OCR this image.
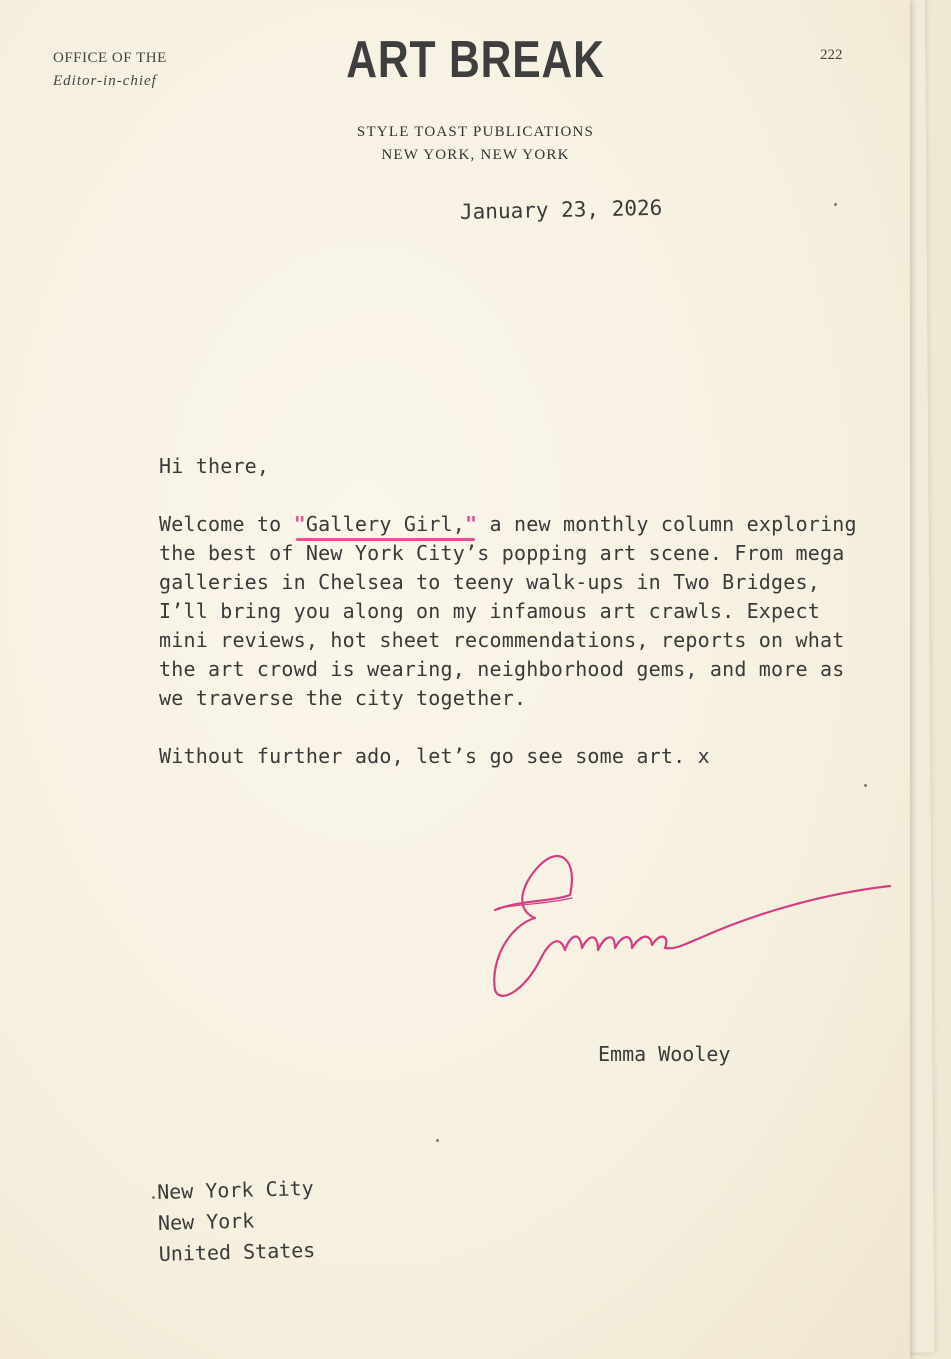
OFFICE OF THE
Editor-in-chief	ART BREAK
STYLE TOAST PUBLICATIONS
NEW YORK, NEW YORK
222
January 23, 2026

Hi there,

Welcome to "Gallery Girl,"
a new monthly column exploring the best of New York City’s popping art scene. From mega galleries in Chelsea to teeny walk-ups in Two Bridges, I’ll bring you along on my infamous art crawls. Expect mini reviews, hot sheet recommendations, reports on what the art crowd is wearing, neighborhood gems, and more as we traverse the city together.

Without further ado, let’s go see some art. x

Emma Wooley
New York City
New York
United States
